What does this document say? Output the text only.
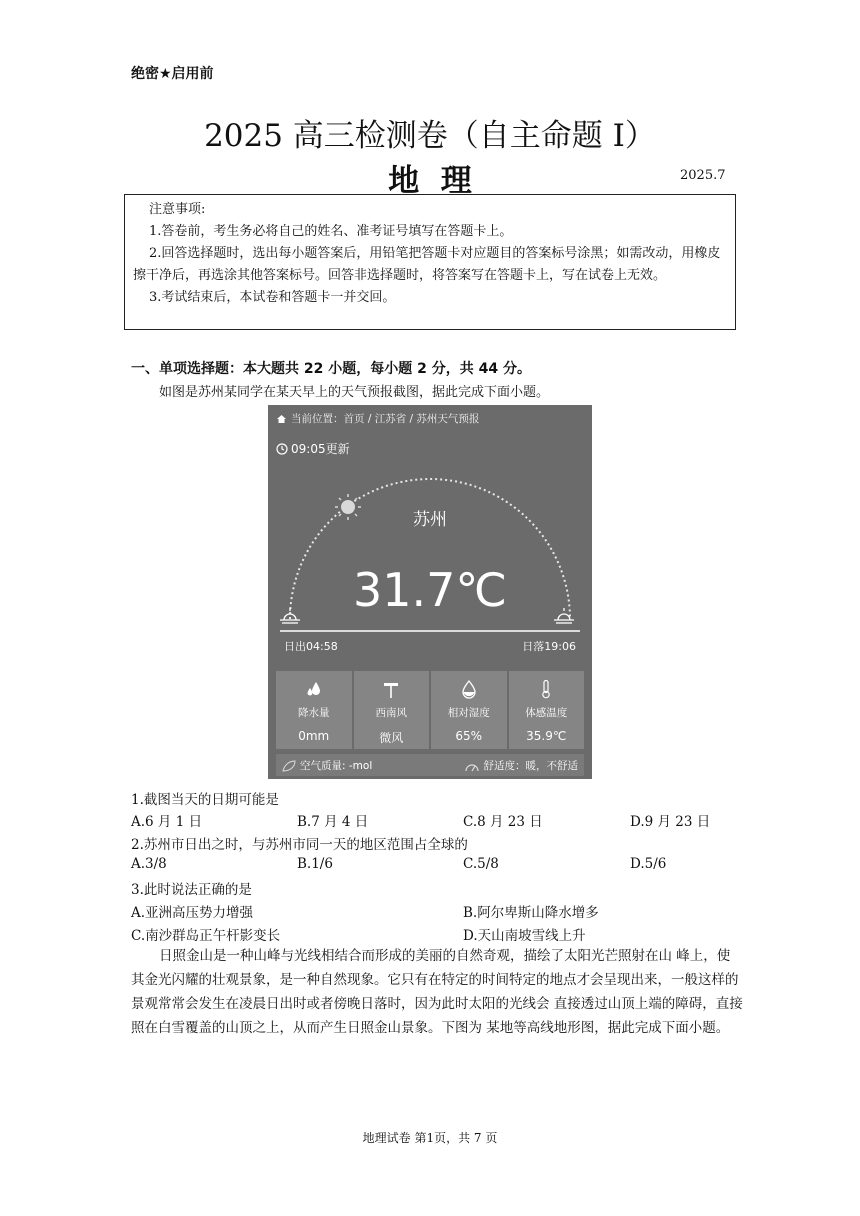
绝密★启用前
2025 高三检测卷（自主命题 I）
地  理	2025.7

注意事项:

1.答卷前，考生务必将自己的姓名、准考证号填写在答题卡上。

2.回答选择题时，选出每小题答案后，用铅笔把答题卡对应题目的答案标号涂黑；如需改动，用橡皮擦干净后，再选涂其他答案标号。回答非选择题时，将答案写在答题卡上，写在试卷上无效。

3.考试结束后，本试卷和答题卡一并交回。

一、单项选择题：本大题共 22 小题，每小题 2 分，共 44 分。
如图是苏州某同学在某天早上的天气预报截图，据此完成下面小题。
当前位置：首页 / 江苏省 / 苏州天气预报
09:05更新
苏州
31.7℃
日出04:58	日落19:06
降水量
0mm
西南风
微风
相对湿度
65%
体感温度
35.9℃
空气质量: -mol	舒适度：暖，不舒适
1.截图当天的日期可能是
A.6 月 1 日	B.7 月 4 日	C.8 月 23 日	D.9 月 23 日
2.苏州市日出之时，与苏州市同一天的地区范围占全球的
A.3/8	B.1/6	C.5/8	D.5/6
3.此时说法正确的是
A.亚洲高压势力增强	B.阿尔卑斯山降水增多
C.南沙群岛正午杆影变长	D.天山南坡雪线上升

日照金山是一种山峰与光线相结合而形成的美丽的自然奇观，描绘了太阳光芒照射在山 峰上，使其金光闪耀的壮观景象，是一种自然现象。它只有在特定的时间特定的地点才会呈现出来，一般这样的景观常常会发生在凌晨日出时或者傍晚日落时，因为此时太阳的光线会 直接透过山顶上端的障碍，直接照在白雪覆盖的山顶之上，从而产生日照金山景象。下图为 某地等高线地形图，据此完成下面小题。

地理试卷 第1页，共 7 页
